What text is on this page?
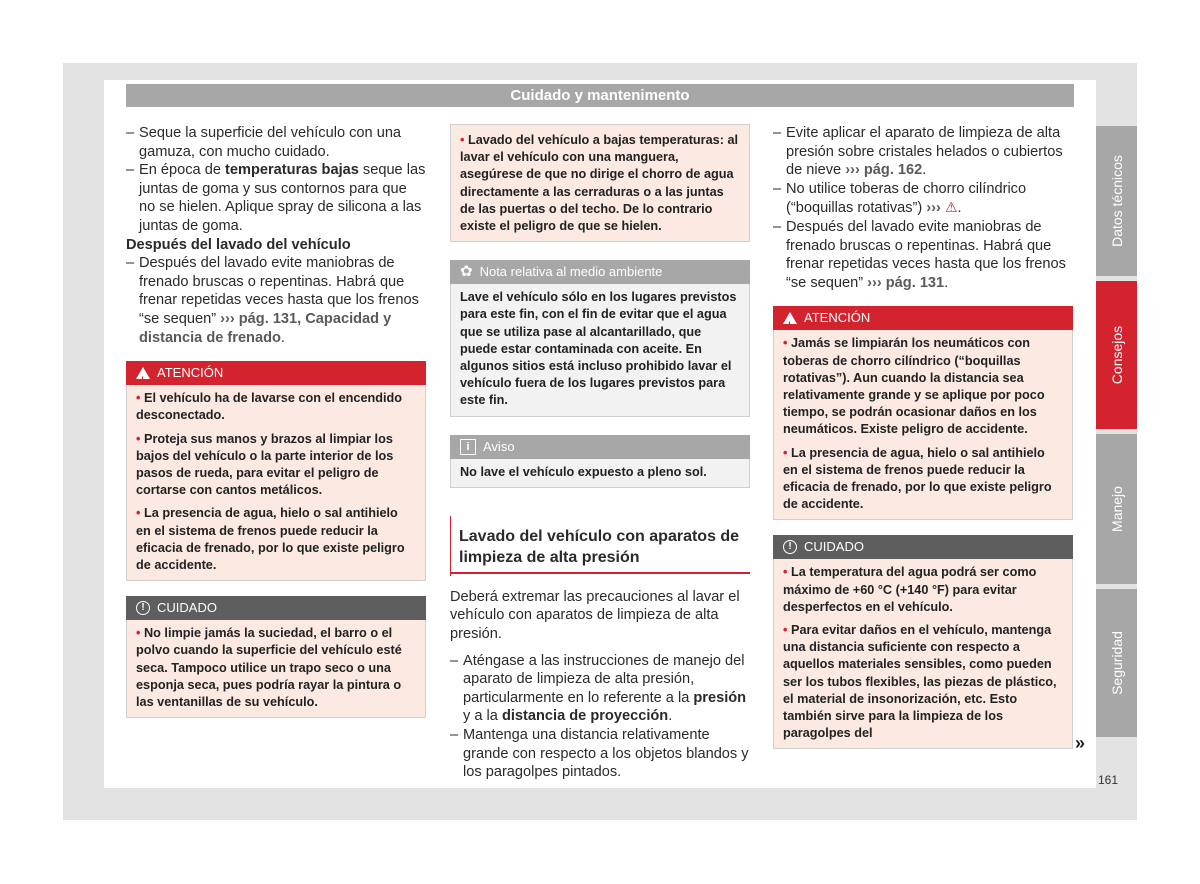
Cuidado y mantenimento
Datos técnicos
Consejos
Manejo
Seguridad

– Seque la superficie del vehículo con una gamuza, con mucho cuidado.

– En época de temperaturas bajas seque las juntas de goma y sus contornos para que no se hielen. Aplique spray de silicona a las juntas de goma.

Después del lavado del vehículo

– Después del lavado evite maniobras de frenado bruscas o repentinas. Habrá que frenar repetidas veces hasta que los frenos “se sequen” ››› pág. 131, Capacidad y distancia de frenado.

!
ATENCIÓN

• El vehículo ha de lavarse con el encendido desconectado.

• Proteja sus manos y brazos al limpiar los bajos del vehículo o la parte interior de los pasos de rueda, para evitar el peligro de cortarse con cantos metálicos.

• La presencia de agua, hielo o sal antihielo en el sistema de frenos puede reducir la eficacia de frenado, por lo que existe peligro de accidente.

! CUIDADO

• No limpie jamás la suciedad, el barro o el polvo cuando la superficie del vehículo esté seca. Tampoco utilice un trapo seco o una esponja seca, pues podría rayar la pintura o las ventanillas de su vehículo.

• Lavado del vehículo a bajas temperaturas: al lavar el vehículo con una manguera, asegúrese de que no dirige el chorro de agua directamente a las cerraduras o a las juntas de las puertas o del techo. De lo contrario existe el peligro de que se hielen.

✿ Nota relativa al medio ambiente

Lave el vehículo sólo en los lugares previstos para este fin, con el fin de evitar que el agua que se utiliza pase al alcantarillado, que puede estar contaminada con aceite. En algunos sitios está incluso prohibido lavar el vehículo fuera de los lugares previstos para este fin.

i	Aviso

No lave el vehículo expuesto a pleno sol.

Lavado del vehículo con aparatos de limpieza de alta presión

Deberá extremar las precauciones al lavar el vehículo con aparatos de limpieza de alta presión.

– Aténgase a las instrucciones de manejo del aparato de limpieza de alta presión, particularmente en lo referente a la presión y a la distancia de proyección.

– Mantenga una distancia relativamente grande con respecto a los objetos blandos y los paragolpes pintados.

– Evite aplicar el aparato de limpieza de alta presión sobre cristales helados o cubiertos de nieve ››› pág. 162.

– No utilice toberas de chorro cilíndrico (“boquillas rotativas”) ››› ⚠.

– Después del lavado evite maniobras de frenado bruscas o repentinas. Habrá que frenar repetidas veces hasta que los frenos “se sequen” ››› pág. 131.

!
ATENCIÓN

• Jamás se limpiarán los neumáticos con toberas de chorro cilíndrico (“boquillas rotativas”). Aun cuando la distancia sea relativamente grande y se aplique por poco tiempo, se podrán ocasionar daños en los neumáticos. Existe peligro de accidente.

• La presencia de agua, hielo o sal antihielo en el sistema de frenos puede reducir la eficacia de frenado, por lo que existe peligro de accidente.

! CUIDADO

• La temperatura del agua podrá ser como máximo de +60 °C (+140 °F) para evitar desperfectos en el vehículo.

• Para evitar daños en el vehículo, mantenga una distancia suficiente con respecto a aquellos materiales sensibles, como pueden ser los tubos flexibles, las piezas de plástico, el material de insonorización, etc. Esto también sirve para la limpieza de los paragolpes del	»
161
